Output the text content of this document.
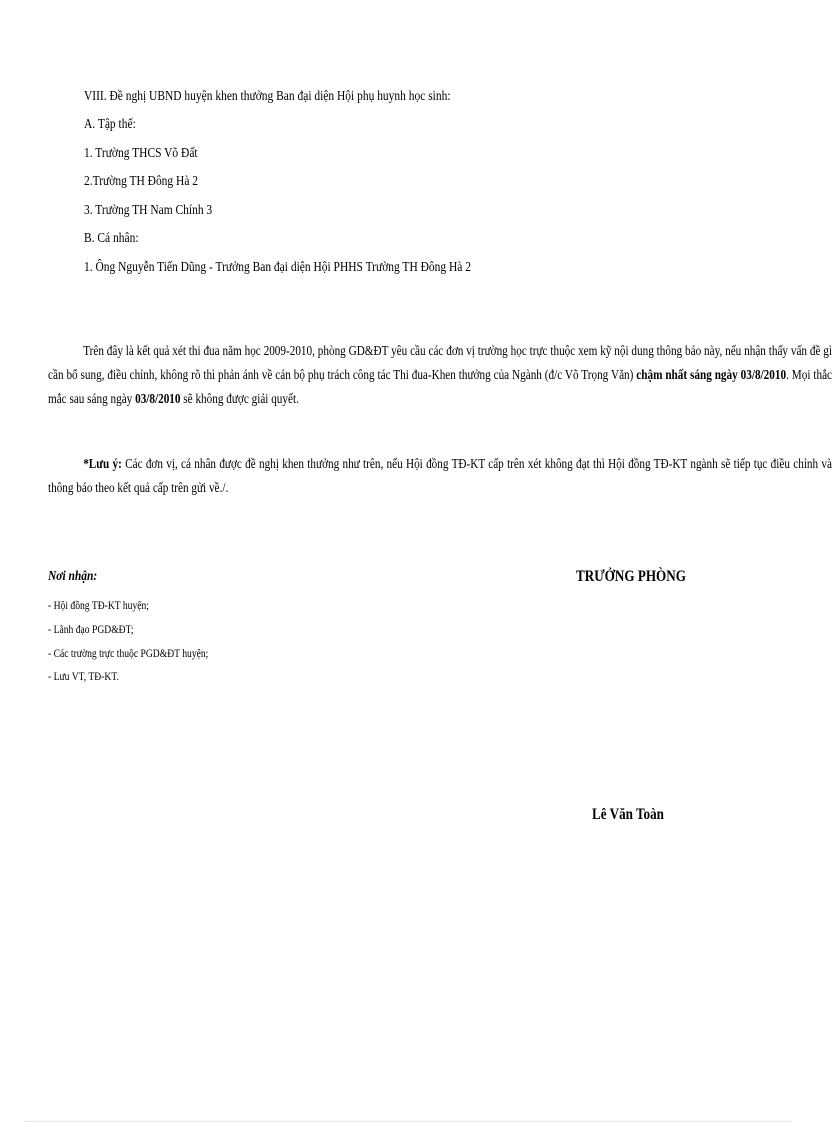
VIII. Đề nghị UBND huyện khen thưởng Ban đại diện Hội phụ huynh học sinh:
A. Tập thể:
1. Trường THCS Võ Đất
2.Trường TH Đông Hà 2
3. Trường TH Nam Chính 3
B. Cá nhân:
1. Ông Nguyễn Tiến Dũng - Trưởng Ban đại diện Hội PHHS Trường TH Đông Hà 2
Trên đây là kết quả xét thi đua năm học 2009-2010, phòng GD&ĐT yêu cầu các đơn vị trường học trực thuộc xem kỹ nội dung thông báo này, nếu nhận thấy vấn đề gì cần bổ sung, điều chỉnh, không rõ thì phản ánh về cán bộ phụ trách công tác Thi đua-Khen thưởng của Ngành (đ/c Võ Trọng Văn) chậm nhất sáng ngày 03/8/2010. Mọi thắc mắc sau sáng ngày 03/8/2010 sẽ không được giải quyết.
*Lưu ý: Các đơn vị, cá nhân được đề nghị khen thưởng như trên, nếu Hội đồng TĐ-KT cấp trên xét không đạt thì Hội đồng TĐ-KT ngành sẽ tiếp tục điều chỉnh và thông báo theo kết quả cấp trên gửi về./.
Nơi nhận:
- Hội đồng TĐ-KT huyện;
- Lãnh đạo PGD&ĐT;
- Các trường trực thuộc PGD&ĐT huyện;
- Lưu VT, TĐ-KT.
TRƯỞNG PHÒNG
Lê Văn Toàn
